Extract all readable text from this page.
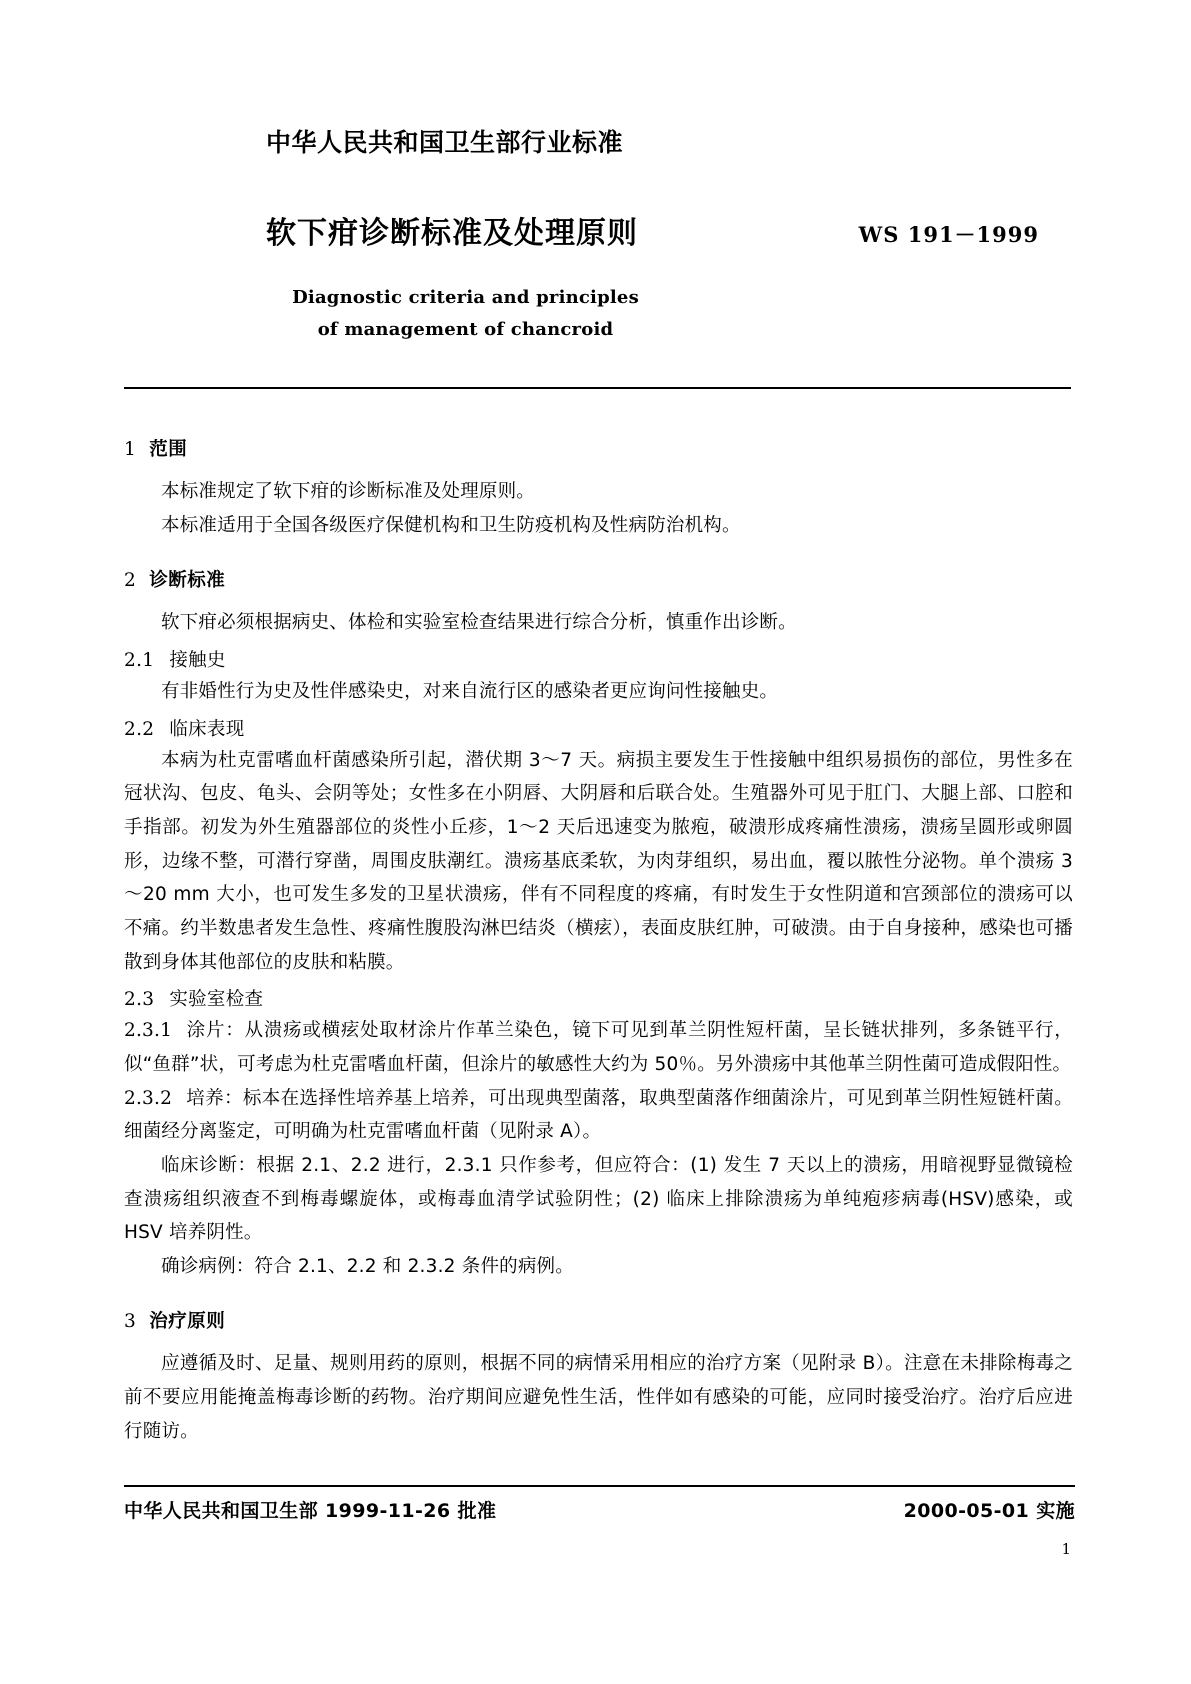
中华人民共和国卫生部行业标准
软下疳诊断标准及处理原则	WS 191－1999
Diagnostic criteria and principles
of management of chancroid
1 范围

本标准规定了软下疳的诊断标准及处理原则。

本标准适用于全国各级医疗保健机构和卫生防疫机构及性病防治机构。

2 诊断标准

软下疳必须根据病史、体检和实验室检查结果进行综合分析，慎重作出诊断。

2.1 接触史

有非婚性行为史及性伴感染史，对来自流行区的感染者更应询问性接触史。

2.2 临床表现

本病为杜克雷嗜血杆菌感染所引起，潜伏期 3～7 天。病损主要发生于性接触中组织易损伤的部位，男性多在冠状沟、包皮、龟头、会阴等处；女性多在小阴唇、大阴唇和后联合处。生殖器外可见于肛门、大腿上部、口腔和手指部。初发为外生殖器部位的炎性小丘疹，1～2 天后迅速变为脓疱，破溃形成疼痛性溃疡，溃疡呈圆形或卵圆形，边缘不整，可潜行穿凿，周围皮肤潮红。溃疡基底柔软，为肉芽组织，易出血，覆以脓性分泌物。单个溃疡 3～20 mm 大小，也可发生多发的卫星状溃疡，伴有不同程度的疼痛，有时发生于女性阴道和宫颈部位的溃疡可以不痛。约半数患者发生急性、疼痛性腹股沟淋巴结炎（横痃），表面皮肤红肿，可破溃。由于自身接种，感染也可播散到身体其他部位的皮肤和粘膜。

2.3 实验室检查

2.3.1 涂片：从溃疡或横痃处取材涂片作革兰染色，镜下可见到革兰阴性短杆菌，呈长链状排列，多条链平行，似“鱼群”状，可考虑为杜克雷嗜血杆菌，但涂片的敏感性大约为 50％。另外溃疡中其他革兰阴性菌可造成假阳性。

2.3.2 培养：标本在选择性培养基上培养，可出现典型菌落，取典型菌落作细菌涂片，可见到革兰阴性短链杆菌。细菌经分离鉴定，可明确为杜克雷嗜血杆菌（见附录 A）。

临床诊断：根据 2.1、2.2 进行，2.3.1 只作参考，但应符合：(1) 发生 7 天以上的溃疡，用暗视野显微镜检查溃疡组织液查不到梅毒螺旋体，或梅毒血清学试验阴性；(2) 临床上排除溃疡为单纯疱疹病毒(HSV)感染，或 HSV 培养阴性。

确诊病例：符合 2.1、2.2 和 2.3.2 条件的病例。

3 治疗原则

应遵循及时、足量、规则用药的原则，根据不同的病情采用相应的治疗方案（见附录 B）。注意在未排除梅毒之前不要应用能掩盖梅毒诊断的药物。治疗期间应避免性生活，性伴如有感染的可能，应同时接受治疗。治疗后应进行随访。

中华人民共和国卫生部 1999-11-26 批准	2000-05-01 实施
1
